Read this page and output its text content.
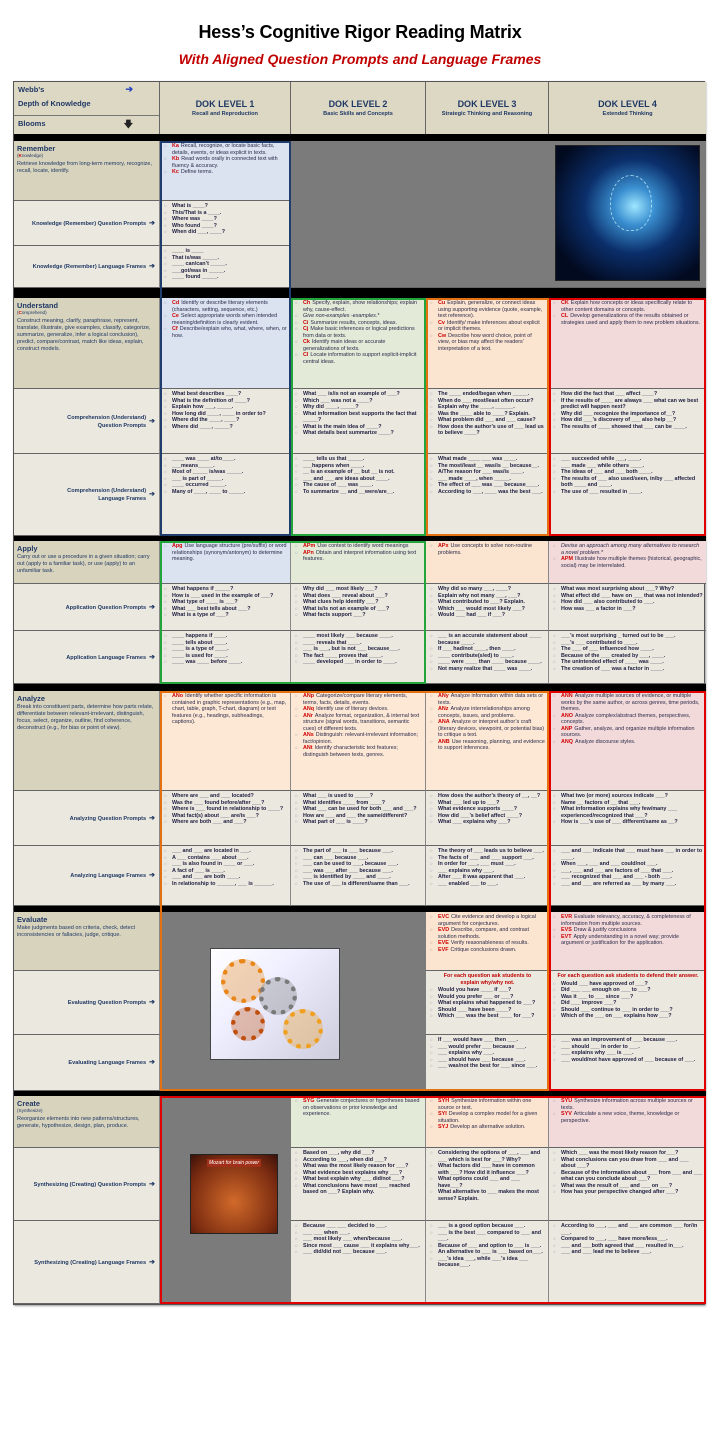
Hess’s Cognitive Rigor Reading Matrix
With Aligned Question Prompts and Language Frames
Webb’s	➔
Depth of Knowledge
Blooms	🡇
DOK LEVEL 1
Recall and Reproduction
DOK LEVEL 2
Basic Skills and Concepts
DOK LEVEL 3
Strategic Thinking and Reasoning
DOK LEVEL 4
Extended Thinking
Remember
(Knowledge)
Retrieve knowledge from long-term memory, recognize, recall, locate, identify.
○ Ka Recall, recognize, or locate basic facts, details, events, or ideas explicit in texts.
○ Kb Read words orally in connected text with fluency & accuracy.
○ Kc Define terms.
Knowledge (Remember) Question Prompts ➔
○ What is ____?
○ This/That is a ____.
○ Where was ____?
○ Who found ____?
○ When did ___, ____?
Knowledge (Remember) Language Frames ➔
○ ____ is ____
○ That is/was _____.
○ ____ can/can’t _____.
○ ___got/was in _____.
○ ____ found _____.
Understand
(Comprehend)
Construct meaning, clarify, paraphrase, represent, translate, illustrate, give examples, classify, categorize, summarize, generalize, infer a logical conclusion), predict, compare/contrast, match like ideas, explain, construct models.
○ Cd Identify or describe literary elements (characters, setting, sequence, etc.)
○ Ce Select appropriate words when intended meaning/definition is clearly evident.
○ Cf Describe/explain who, what, where, when, or how.
○ Ch Specify, explain, show relationships; explain why, cause-effect.
○ Give non-examples -examples.*
○ Ci Summarize results, concepts, ideas.
○ Cj Make basic inferences or logical predictions from data or texts.
○ Ck Identify main ideas or accurate generalizations of texts.
○ Cl Locate information to support explicit-implicit central ideas.
○ Cu Explain, generalize, or connect ideas using supporting evidence (quote, example, text reference).
○ Cv Identify/ make inferences about explicit or implicit themes.
○ Cw Describe how word choice, point of view, or bias may affect the readers’ interpretation of a text.
○ CK Explain how concepts or ideas specifically relate to other content domains or concepts.
○ CL Develop generalizations of the results obtained or strategies used and apply them to new problem situations.
Comprehension (Understand)
Question Prompts
➔
○ What best describes ____?
○ What is the definition of ____?
○ Explain how ___, _____.
○ How long did ____, ____ in order to?
○ Where did the ____, ____?
○ Where did ____, _____?
○ What ___ is/is not an example of ___?
○ Which ___ was not a ____?
○ Why did ____, _____?
○ What information best supports the fact that _____?
○ What is the main idea of ____?
○ What details best summarize ____?
○ The ____ ended/began when _____.
○ When do ___ most/least often occur?
○ Explain why the ____, ______.
○ Was the ____ able to ____? Explain.
○ What problem did ___ and ___ cause?
○ How does the author’s use of ___ lead us to believe ____?
○ How did the fact that ___ affect ____?
○ If the results of ____ are always ___ what can we best predict will happen next?
○ Why did ___ recognize the importance of__?
○ How did ___’s discovery of ___ also help __?
○ The results of ____ showed that ___ can be ____.
Comprehension (Understand)
Language Frames
➔
○ ____ was ____ at/to____.
○ ___means_____.
○ Most of _____ is/was _____.
○ ___ is part of _____.
○ ____ occurred _____.
○ Many of ____, ____ to _____.
○ ____ tells us that _____.
○ ___happens when ____.
○ __ is an example of __ but __ is not.
○ ___ and ___ are ideas about ____.
○ The cause of ___ was ____.
○ To summarize __ and __were/are__.
○ What made ____ ___ was ____.
○ The most/least __ was/is __ because__.
○ A/The reason for ___ was/is ____.
○ ___ made ____, when _____.
○ The effect of ___ was ___ because____.
○ According to ___, ____ was the best ___.
○ ___ succeeded while ___, ____.
○ ___ made ___ while others ____.
○ The ideas of ___ and ___ both ____.
○ The results of ___ also used/seen, in/by ___ affected both ____ and ____.
○ The use of ___ resulted in ____.
Apply
Carry out or use a procedure in a given situation; carry out (apply to a familiar task), or use (apply) to an unfamiliar task.
○ Apg Use language structure (pre/suffix) or word relationships (synonym/antonym) to determine meaning.
○ APm Use context to identify word meanings
○ APn Obtain and interpret information using text features.
○ APx Use concepts to solve non-routine problems.
○ Devise an approach among many alternatives to research a novel problem.*
○ APM Illustrate how multiple themes (historical, geographic, social) may be interrelated.
Application Question Prompts ➔
○ What happens if _____?
○ How is ___ used in the example of ___?
○ What type of ____ is ___?
○ What ___ best tells about ___?
○ What is a type of ___?
○ Why did ___ most likely ___?
○ What does ___ reveal about ___?
○ What clues help identify ___?
○ What is/is not an example of ___?
○ What facts support ___?
○ Why did so many ___, ____?
○ Explain why not many ___, ___?
○ What contributed to ___? Explain.
○ Which ___ would most likely ___?
○ Would ___ had ___ if ___?
○ What was most surprising about ___? Why?
○ What effect did ___ have on ___ that was not intended?
○ How did ___ also contributed to ___.
○ How was ___ a factor in ___?
Application Language Frames ➔
○ ____ happens if ____.
○ ____ tells about ____.
○ ____ is a type of ____.
○ ____ is used for ____.
○ ____ was ____ before ____.
○ ____ most likely ___ because ____.
○ ____ reveals that ____.
○ ___ is ___, but is not ___ because___.
○ The fact ____ proves that ____.
○ ____ developed ___ in order to ____.
○ ___ is an accurate statement about ____ because ____.
○ If ___ had/not ____, then ____.
○ ____ contribute(s/ed) to ____.
○ ____ were ____ than ____ because ____.
○ Not many realize that ____ was ____.
○ ___’s most surprising _ turned out to be ___.
○ ___’s ___ contributed to ____.
○ The ___ of ___ influenced how ____.
○ Because of the ___ created by ___, ____.
○ The unintended effect of ____ was ____.
○ The creation of ___ was a factor in ____.
Analyze
Break into constituent parts, determine how parts relate, differentiate between relevant-irrelevant, distinguish, focus, select, organize, outline, find coherence, deconstruct (e.g., for bias or point of view).
○ ANo Identify whether specific information is contained in graphic representations (e.g., map, chart, table, graph, T-chart, diagram) or text features (e.g., headings, subheadings, captions).
○ ANp Categorize/compare literary elements, terms, facts, details, events.
○ ANq Identify use of literary devices.
○ ANr Analyze format, organization, & internal text structure (signal words, transitions, semantic cues) of different texts.
○ ANs Distinguish: relevant-irrelevant information; fact/opinion.
○ ANt Identify characteristic text features; distinguish between texts, genres.
○ ANy Analyze information within data sets or texts.
○ ANz Analyze interrelationships among concepts, issues, and problems.
○ ANA Analyze or interpret author’s craft (literary devices, viewpoint, or potential bias) to critique a text.
○ ANB Use reasoning, planning, and evidence to support inferences.
○ ANN Analyze multiple sources of evidence, or multiple works by the same author, or across genres, time periods, themes.
○ ANO Analyze complex/abstract themes, perspectives, concepts.
○ ANP Gather, analyze, and organize multiple information sources.
○ ANQ Analyze discourse styles.
Analyzing Question Prompts ➔
○ Where are ___ and ___ located?
○ Was the ___ found before/after ___?
○ Where is ___ found in relationship to ____?
○ What fact(s) about ___ are/is ___?
○ Where are both ___ and ___?
○ What ___ is used to _____?
○ What identifies ____ from ____?
○ What ___ can be used for both ___ and ___?
○ How are ___ and ___ the same/different?
○ What part of ___ is ____?
○ How does the author’s theory of __, __?
○ What ___ led up to ___?
○ What evidence supports ____?
○ How did ___’s belief affect ____?
○ What ___ explains why ___?
○ What two (or more) sources indicate ___?
○ Name __ factors of __ that ___.
○ What information explains why few/many ___ experienced/recognized that ___?
○ How is ___’s use of ___ different/same as __?
Analyzing Language Frames ➔
○ ___ and ___ are located in ___.
○ A ___ contains ___ about ___.
○ ___ is also found in ____ or ___.
○ A fact of ___ is ____.
○ ___ and ___ are both ____.
○ In relationship to ______, ___ is ______.
○ The part of ___ is ___ because ___.
○ ___ can ___ because ___.
○ ___ can be used to ___, because ___.
○ ___ was ___ after ___ because ___.
○ ___ is identified by ____ and ____.
○ The use of ___ is different/same than ___.
○ The theory of ___ leads us to believe ___.
○ The facts of ___ and ___ support ___.
○ In order for ___, ___ must ___.
○ ___ explains why ___.
○ After ___ it was apparent that ___.
○ ___ enabled ___ to ___.
○ ___ and ___ indicate that ___ must have ___ in order to ____.
○ When ___, ___ and ___ could/not ___.
○ ___, ___ and ___ are factors of ___ that ___.
○ ___ recognized that ___ and ___ - both ___.
○ ___ and ___ are referred as ___ by many ___.
Evaluate
Make judgments based on criteria, check, detect inconsistencies or fallacies, judge, critique.
○ EVC Cite evidence and develop a logical argument for conjectures.
○ EVD Describe, compare, and contrast solution methods.
○ EVE Verify reasonableness of results.
○ EVF Critique conclusions drawn.
○ EVR Evaluate relevancy, accuracy, & completeness of information from multiple sources.
○ EVS Draw & justify conclusions
○ EVT Apply understanding in a novel way; provide argument or justification for the application.
Evaluating Question Prompts ➔
For each question ask students to explain why/why not.
○ Would you have ____ if ___?
○ Would you prefer ___ or ___?
○ What explains what happened to ___?
○ Should ___ have been ____?
○ Which ___ was the best ____ for ___?
For each question ask students to defend their answer.
○ Would ___ have approved of ___?
○ Did ___ ___ enough on ___ to ___?
○ Was it ___ to ___ since ___?
○ Did ___ improve ___?
○ Should ___ continue to ___ in order to ___?
○ Which of the ___ on ___ explains how ___?
Evaluating Language Frames ➔
○ If ___ would have ___ then ___.
○ ___ would prefer ___ because ___.
○ ___ explains why ___.
○ ___ should have ___ because ___.
○ ___ was/not the best for ___ since ___.
○ ___ was an improvement of ___ because ___.
○ ___ should ___ in order to ___.
○ ___ explains why ___ is ___.
○ ___ would/not have approved of ___ because of ___.
Create
(Synthesize)
Reorganize elements into new patterns/structures, generate, hypothesize, design, plan, produce.
Mozart for brain power
○ SYG Generate conjectures or hypotheses based on observations or prior knowledge and experience.
○ SYH Synthesize information within one source or text.
○ SYI Develop a complex model for a given situation.
○ SYJ Develop an alternative solution.
○ SYU Synthesize information across multiple sources or texts.
○ SYV Articulate a new voice, theme, knowledge or perspective.
Synthesizing (Creating) Question Prompts ➔
○ Based on ___, why did ___?
○ According to ___, when did ___?
○ What was the most likely reason for ___?
○ What evidence best explains why ___?
○ What best explain why ___ did/not ___?
○ What conclusions have most ___ reached based on ___? Explain why.
○ Considering the options of ___, ___ and ___ which is best for ___? Why?
○ What factors did ___ have in common with ___? How did it influence ___?
○ What options could ___ and ___ have___?
○ What alternative to ___ makes the most sense? Explain.
○ Which ___ was the most likely reason for___?
○ What conclusions can you draw from ___ and ___ about ___?
○ Because of the information about ___ from ___ and ___ what can you conclude about ___?
○ What was the result of ___ and ___ on ___?
○ How has your perspective changed after ___?
Synthesizing (Creating) Language Frames ➔
○ Because ___ ___ decided to ___.
○ ___ ___ when ___.
○ ___ most likely ___ when/because ___.
○ Since most ___ cause ___ it explains why___.
○ ___ did/did not ___ because ___.
○ ___ is a good option because ___.
○ ___ is the best ___ compared to ___ and ___.
○ Because of ___ and option to ___ is ___.
○ An alternative to ___ is ___ based on___.
○ ___’s idea ___, while ___’s idea ___ because___.
○ According to ___, ___ and ___ are common ___ for/in ___.
○ Compared to ___, ___ have more/less___.
○ ___ and ___both agreed that ___ resulted in___.
○ ___ and ___ lead me to believe ___.
